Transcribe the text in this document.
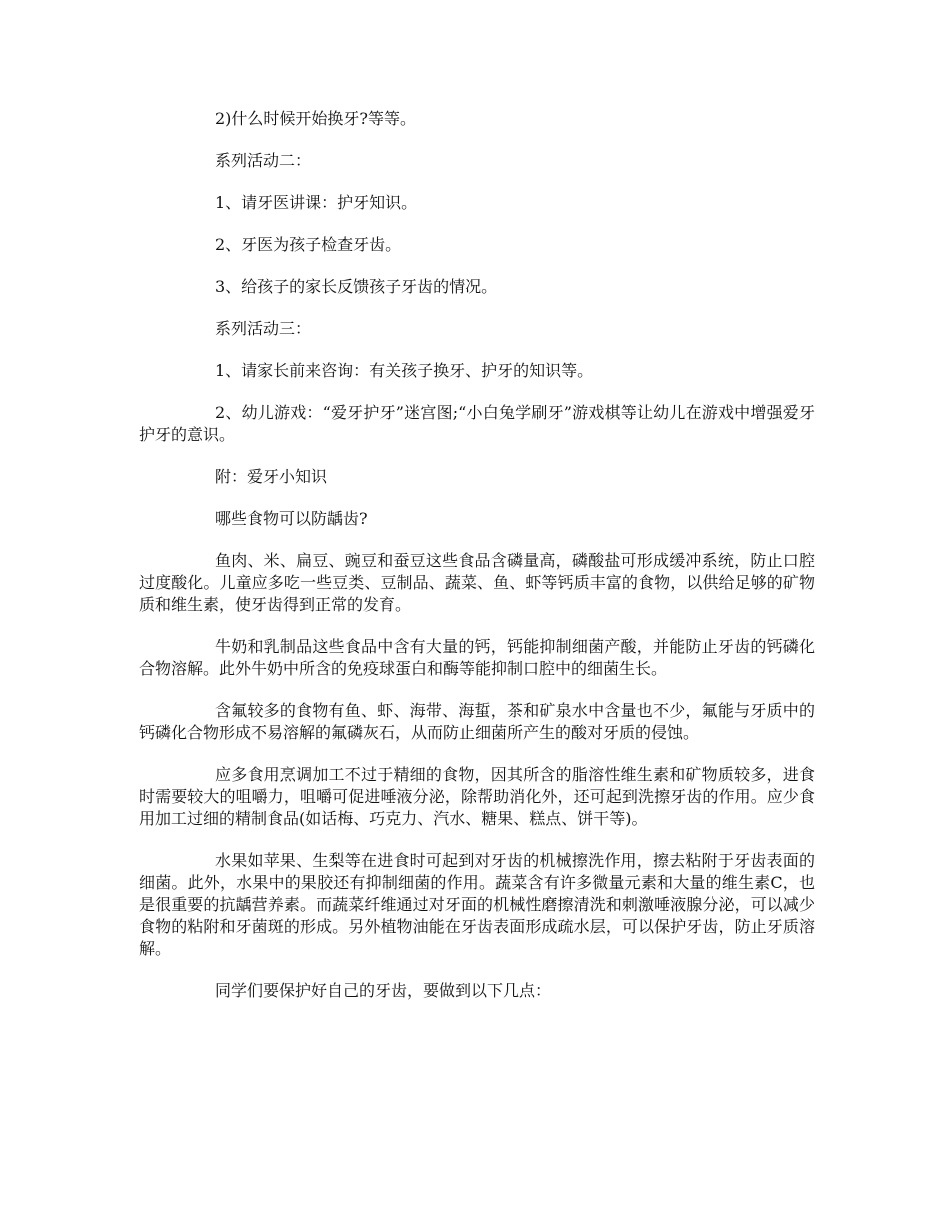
2)什么时候开始换牙?等等。

系列活动二：

1、请牙医讲课：护牙知识。

2、牙医为孩子检查牙齿。

3、给孩子的家长反馈孩子牙齿的情况。

系列活动三：

1、请家长前来咨询：有关孩子换牙、护牙的知识等。

2、幼儿游戏：“爱牙护牙”迷宫图;“小白兔学刷牙”游戏棋等让幼儿在游戏中增强爱牙护牙的意识。

附：爱牙小知识

哪些食物可以防龋齿?

鱼肉、米、扁豆、豌豆和蚕豆这些食品含磷量高，磷酸盐可形成缓冲系统，防止口腔过度酸化。儿童应多吃一些豆类、豆制品、蔬菜、鱼、虾等钙质丰富的食物，以供给足够的矿物质和维生素，使牙齿得到正常的发育。

牛奶和乳制品这些食品中含有大量的钙，钙能抑制细菌产酸，并能防止牙齿的钙磷化合物溶解。此外牛奶中所含的免疫球蛋白和酶等能抑制口腔中的细菌生长。

含氟较多的食物有鱼、虾、海带、海蜇，茶和矿泉水中含量也不少，氟能与牙质中的钙磷化合物形成不易溶解的氟磷灰石，从而防止细菌所产生的酸对牙质的侵蚀。

应多食用烹调加工不过于精细的食物，因其所含的脂溶性维生素和矿物质较多，进食时需要较大的咀嚼力，咀嚼可促进唾液分泌，除帮助消化外，还可起到洗擦牙齿的作用。应少食用加工过细的精制食品(如话梅、巧克力、汽水、糖果、糕点、饼干等)。

水果如苹果、生梨等在进食时可起到对牙齿的机械擦洗作用，擦去粘附于牙齿表面的细菌。此外，水果中的果胶还有抑制细菌的作用。蔬菜含有许多微量元素和大量的维生素C，也是很重要的抗龋营养素。而蔬菜纤维通过对牙面的机械性磨擦清洗和刺激唾液腺分泌，可以减少食物的粘附和牙菌斑的形成。另外植物油能在牙齿表面形成疏水层，可以保护牙齿，防止牙质溶解。

同学们要保护好自己的牙齿，要做到以下几点：
